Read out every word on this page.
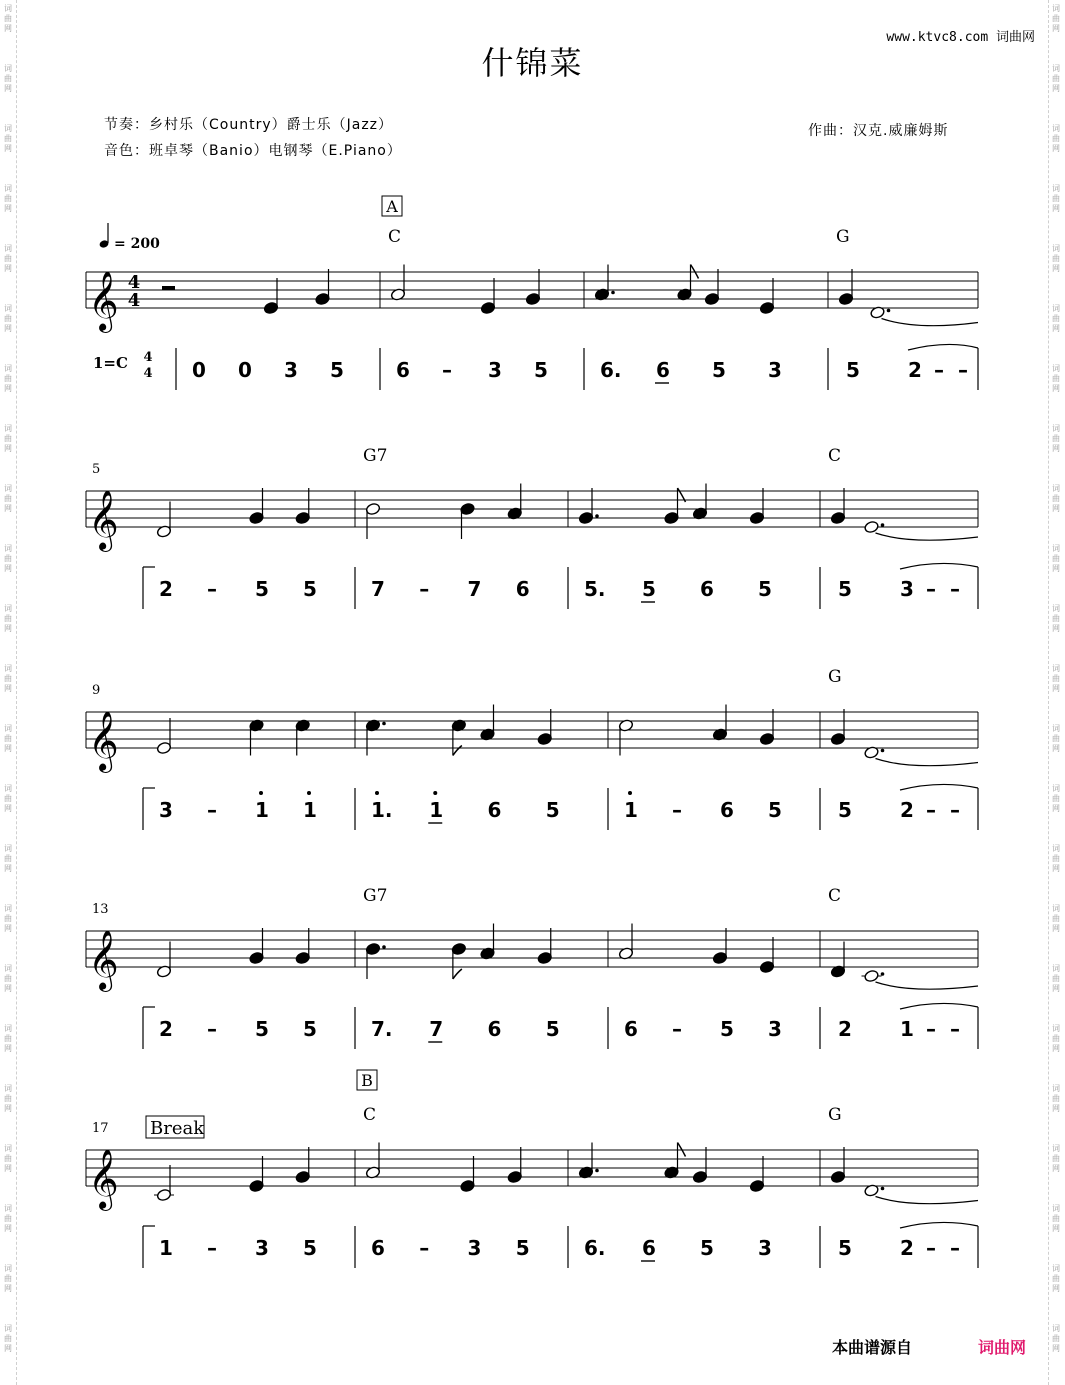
什锦菜
www.ktvc8.com 词曲网
节奏：乡村乐（Country）爵士乐（Jazz）
音色：班卓琴（Banio）电钢琴（E.Piano）
作曲：汉克.威廉姆斯
𝄞 4
4
= 200
A
C	G
1=C 4
4 0 0 3 5	6 – 3 5	6. 6 5 3	5 2 – –
𝄞
5
G7	C
2 – 5 5	7 – 7 6	5. 5 6 5	5 3 – –
𝄞
9
G
3 – 1 1	1. 1 6 5	1 – 6 5	5 2 – –
𝄞
13
G7	C
2 – 5 5	7. 7 6 5	6 – 5 3	2 1 – –
𝄞
17
B
Break
C	G
1 – 3 5	6 – 3 5	6. 6 5 3	5 2 – –
本曲谱源自	词曲网
词
曲
网
词
曲
网
词
曲
网
词
曲
网
词
曲
网
词
曲
网
词
曲
网
词
曲
网
词
曲
网
词
曲
网
词
曲
网
词
曲
网
词
曲
网
词
曲
网
词
曲
网
词
曲
网
词
曲
网
词
曲
网
词
曲
网
词
曲
网
词
曲
网
词
曲
网
词
曲
网
词
曲
网
词
曲
网
词
曲
网
词
曲
网
词
曲
网
词
曲
网
词
曲
网
词
曲
网
词
曲
网
词
曲
网
词
曲
网
词
曲
网
词
曲
网
词
曲
网
词
曲
网
词
曲
网
词
曲
网
词
曲
网
词
曲
网
词
曲
网
词
曲
网
词
曲
网
词
曲
网
